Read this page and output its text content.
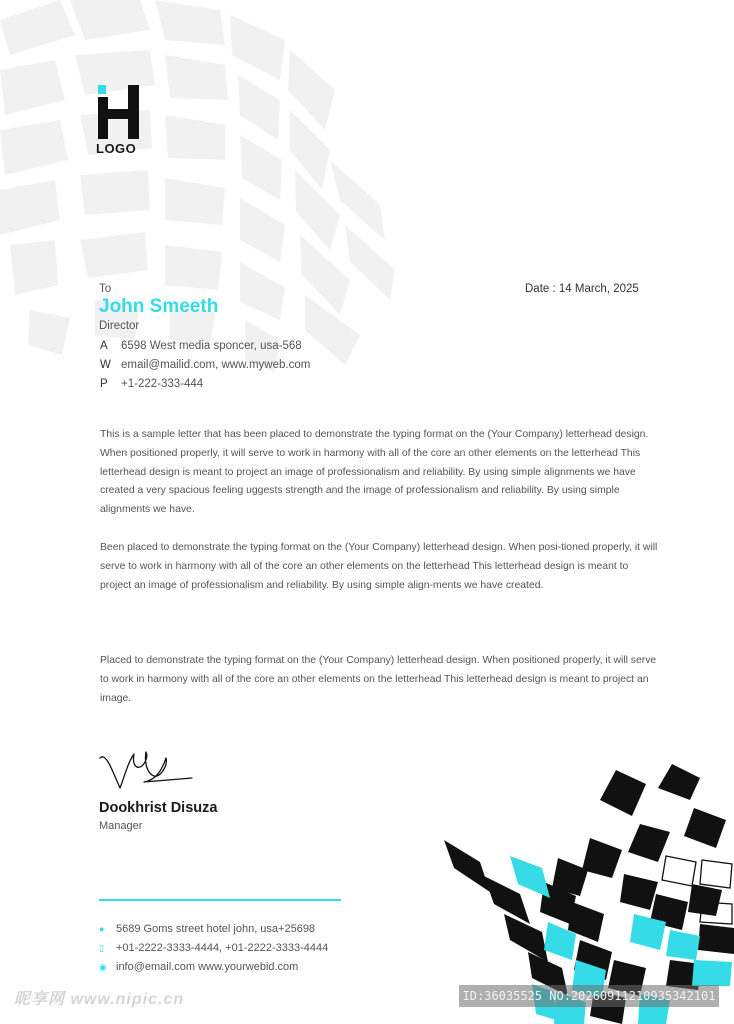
LOGO
To
John Smeeth
Director
Date : 14 March, 2025
A 6598 West media sponcer, usa-568
W email@mailid.com, www.myweb.com
P +1-222-333-444

This is a sample letter that has been placed to demonstrate the typing format on the (Your Company) letterhead design. When positioned properly, it will serve to work in harmony with all of the core an other elements on the letterhead This letterhead design is meant to project an image of professionalism and reliability. By using simple alignments we have created a very spacious feeling uggests strength and the image of professionalism and reliability. By using simple alignments we have.

Been placed to demonstrate the typing format on the (Your Company) letterhead design. When posi-tioned properly, it will serve to work in harmony with all of the core an other elements on the letterhead This letterhead design is meant to project an image of professionalism and reliability. By using simple align-ments we have created.

Placed to demonstrate the typing format on the (Your Company) letterhead design. When positioned properly, it will serve to work in harmony with all of the core an other elements on the letterhead This letterhead design is meant to project an image.

Dookhrist Disuza
Manager
● 5689 Goms street hotel john, usa+25698
▯ +01-2222-3333-4444, +01-2222-3333-4444
◉ info@email.com www.yourwebid.com
昵享网 www.nipic.cn	ID:36035525 NO:20260911210935342101
